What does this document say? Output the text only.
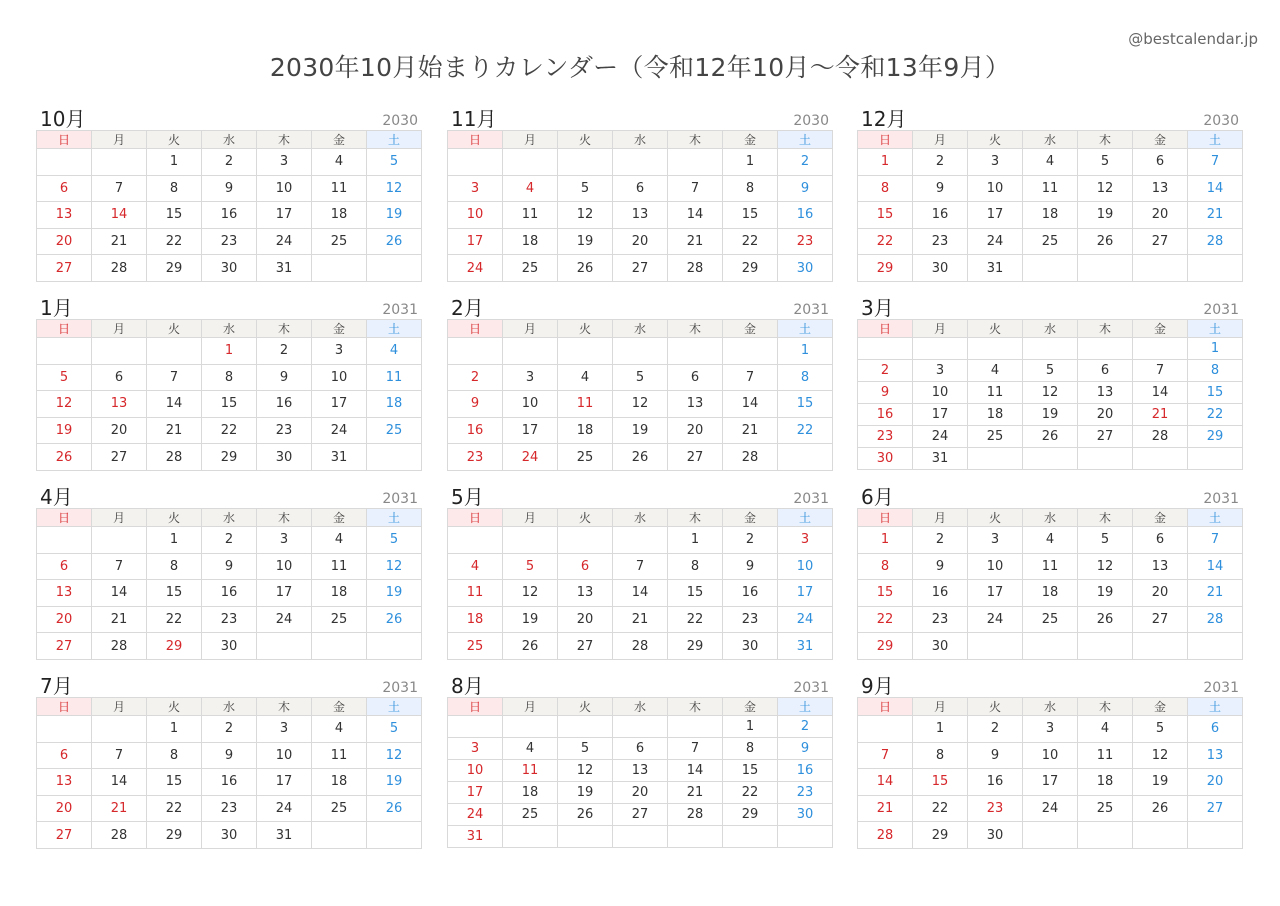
@bestcalendar.jp
2030年10月始まりカレンダー（令和12年10月〜令和13年9月）
10月	2030
日	月	火	水	木	金	土
		1	2	3	4	5
6	7	8	9	10	11	12
13	14	15	16	17	18	19
20	21	22	23	24	25	26
27	28	29	30	31		
11月	2030
日	月	火	水	木	金	土
					1	2
3	4	5	6	7	8	9
10	11	12	13	14	15	16
17	18	19	20	21	22	23
24	25	26	27	28	29	30
12月	2030
日	月	火	水	木	金	土
1	2	3	4	5	6	7
8	9	10	11	12	13	14
15	16	17	18	19	20	21
22	23	24	25	26	27	28
29	30	31				
1月	2031
日	月	火	水	木	金	土
			1	2	3	4
5	6	7	8	9	10	11
12	13	14	15	16	17	18
19	20	21	22	23	24	25
26	27	28	29	30	31	
2月	2031
日	月	火	水	木	金	土
						1
2	3	4	5	6	7	8
9	10	11	12	13	14	15
16	17	18	19	20	21	22
23	24	25	26	27	28	
3月	2031
日	月	火	水	木	金	土
						1
2	3	4	5	6	7	8
9	10	11	12	13	14	15
16	17	18	19	20	21	22
23	24	25	26	27	28	29
30	31					
4月	2031
日	月	火	水	木	金	土
		1	2	3	4	5
6	7	8	9	10	11	12
13	14	15	16	17	18	19
20	21	22	23	24	25	26
27	28	29	30			
5月	2031
日	月	火	水	木	金	土
				1	2	3
4	5	6	7	8	9	10
11	12	13	14	15	16	17
18	19	20	21	22	23	24
25	26	27	28	29	30	31
6月	2031
日	月	火	水	木	金	土
1	2	3	4	5	6	7
8	9	10	11	12	13	14
15	16	17	18	19	20	21
22	23	24	25	26	27	28
29	30					
7月	2031
日	月	火	水	木	金	土
		1	2	3	4	5
6	7	8	9	10	11	12
13	14	15	16	17	18	19
20	21	22	23	24	25	26
27	28	29	30	31		
8月	2031
日	月	火	水	木	金	土
					1	2
3	4	5	6	7	8	9
10	11	12	13	14	15	16
17	18	19	20	21	22	23
24	25	26	27	28	29	30
31						
9月	2031
日	月	火	水	木	金	土
	1	2	3	4	5	6
7	8	9	10	11	12	13
14	15	16	17	18	19	20
21	22	23	24	25	26	27
28	29	30				
